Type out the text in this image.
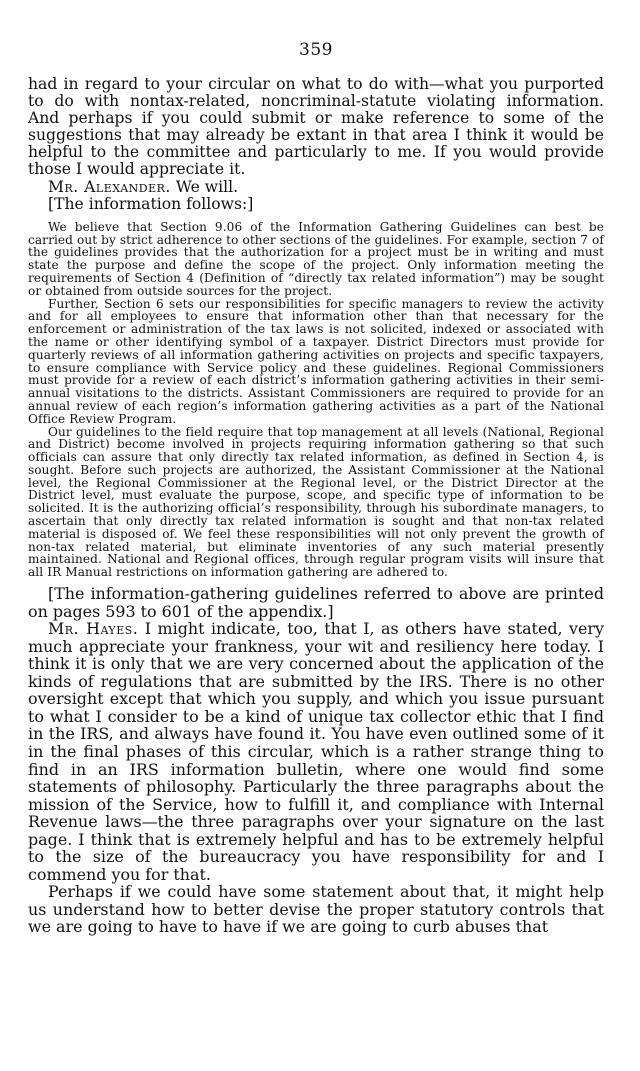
359

had in regard to your circular on what to do with—what you purported to do with nontax-related, noncriminal-statute violating information. And perhaps if you could submit or make reference to some of the suggestions that may already be extant in that area I think it would be helpful to the committee and particularly to me. If you would provide those I would appreciate it.

Mr. Alexander. We will.

[The information follows:]

We believe that Section 9.06 of the Information Gathering Guidelines can best be carried out by strict adherence to other sections of the guidelines. For example, section 7 of the guidelines provides that the authorization for a project must be in writing and must state the purpose and define the scope of the project. Only information meeting the requirements of Section 4 (Definition of “directly tax related information”) may be sought or obtained from outside sources for the project.

Further, Section 6 sets our responsibilities for specific managers to review the activity and for all employees to ensure that information other than that necessary for the enforcement or administration of the tax laws is not solicited, indexed or associated with the name or other identifying symbol of a taxpayer. District Directors must provide for quarterly reviews of all information gathering activities on projects and specific taxpayers, to ensure compliance with Service policy and these guidelines. Regional Commissioners must provide for a review of each district’s information gathering activities in their semi-annual visitations to the districts. Assistant Commissioners are required to provide for an annual review of each region’s information gathering activities as a part of the National Office Review Program.

Our guidelines to the field require that top management at all levels (National, Regional and District) become involved in projects requiring information gathering so that such officials can assure that only directly tax related information, as defined in Section 4, is sought. Before such projects are authorized, the Assistant Commissioner at the National level, the Regional Commissioner at the Regional level, or the District Director at the District level, must evaluate the purpose, scope, and specific type of information to be solicited. It is the authorizing official’s responsibility, through his subordinate managers, to ascertain that only directly tax related information is sought and that non-tax related material is disposed of. We feel these responsibilities will not only prevent the growth of non-tax related material, but eliminate inventories of any such material presently maintained. National and Regional offices, through regular program visits will insure that all IR Manual restrictions on information gathering are adhered to.

[The information-gathering guidelines referred to above are printed on pages 593 to 601 of the appendix.]

Mr. Hayes. I might indicate, too, that I, as others have stated, very much appreciate your frankness, your wit and resiliency here today. I think it is only that we are very concerned about the application of the kinds of regulations that are submitted by the IRS. There is no other oversight except that which you supply, and which you issue pursuant to what I consider to be a kind of unique tax collector ethic that I find in the IRS, and always have found it. You have even outlined some of it in the final phases of this circular, which is a rather strange thing to find in an IRS information bulletin, where one would find some statements of philosophy. Particularly the three paragraphs about the mission of the Service, how to fulfill it, and compliance with Internal Revenue laws—the three paragraphs over your signature on the last page. I think that is extremely helpful and has to be extremely helpful to the size of the bureaucracy you have responsibility for and I commend you for that.

Perhaps if we could have some statement about that, it might help us understand how to better devise the proper statutory controls that we are going to have to have if we are going to curb abuses that
